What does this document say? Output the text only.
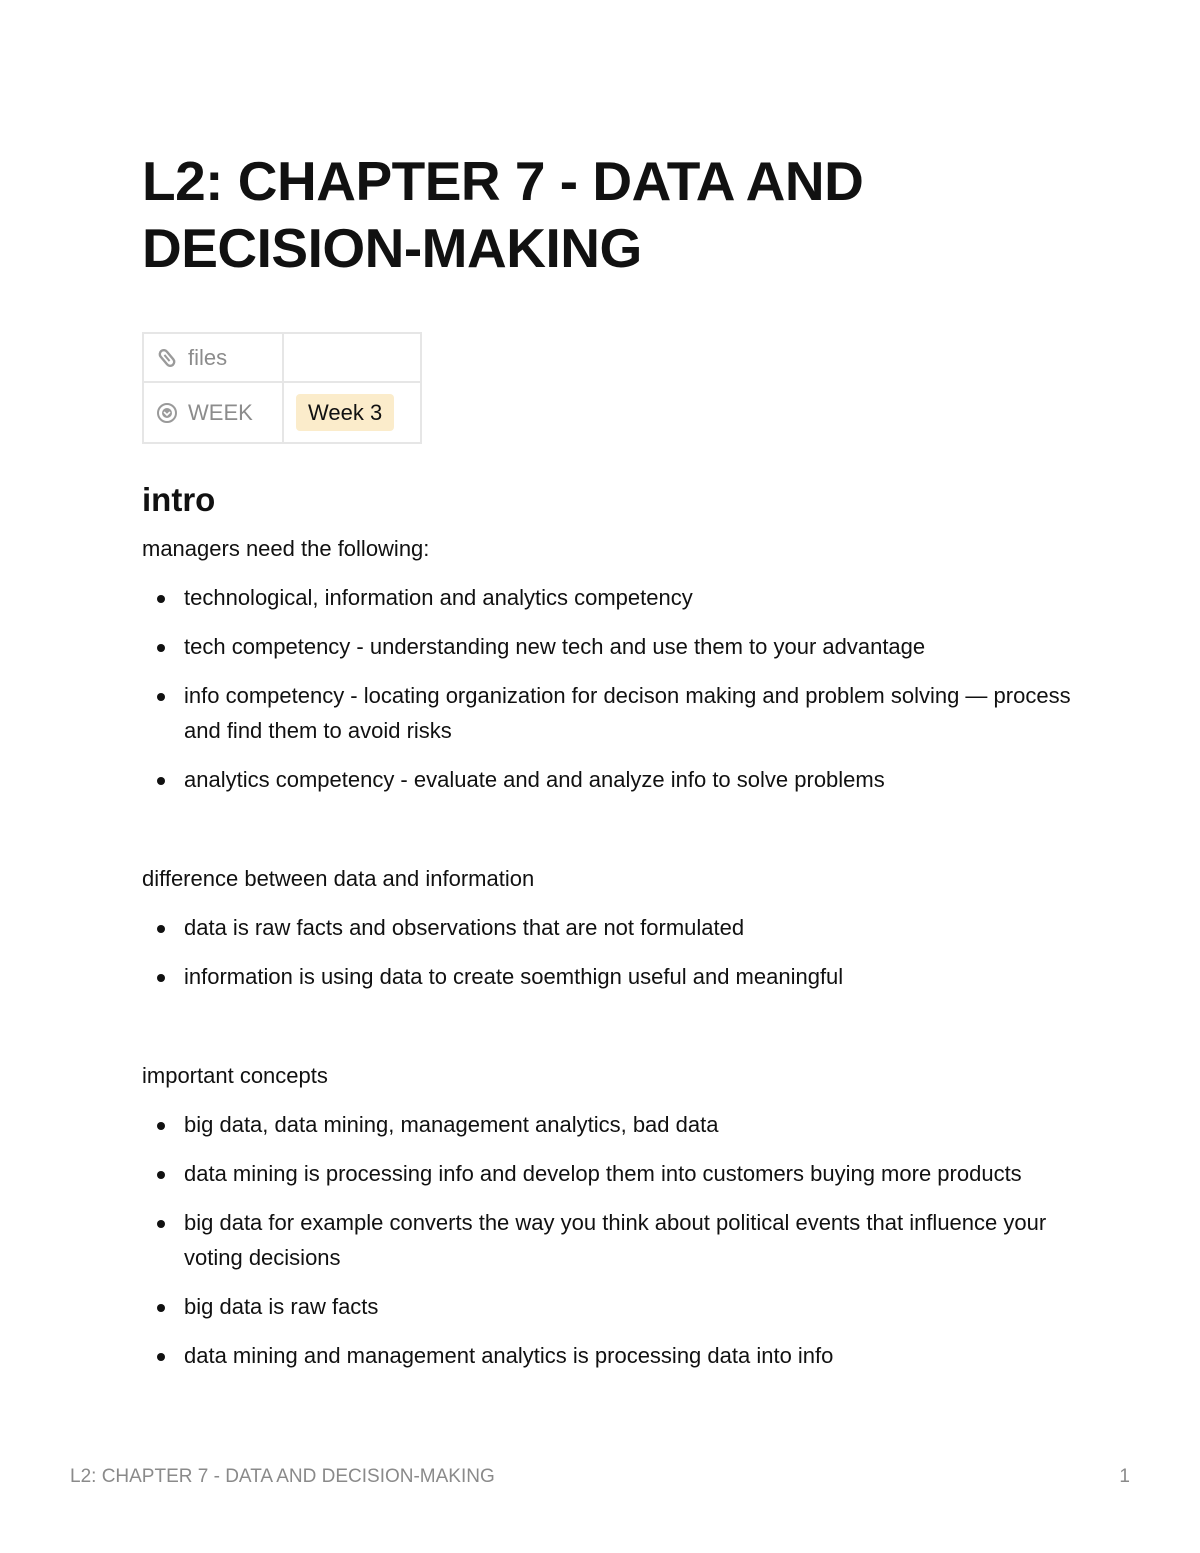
L2: CHAPTER 7 - DATA AND DECISION-MAKING
files	

WEEK	Week 3
intro

managers need the following:

technological, information and analytics competency
tech competency - understanding new tech and use them to your advantage
info competency - locating organization for decison making and problem solving — process and find them to avoid risks
analytics competency - evaluate and and analyze info to solve problems

difference between data and information

data is raw facts and observations that are not formulated
information is using data to create soemthign useful and meaningful

important concepts

big data, data mining, management analytics, bad data
data mining is processing info and develop them into customers buying more products
big data for example converts the way you think about political events that influence your voting decisions
big data is raw facts
data mining and management analytics is processing data into info
L2: CHAPTER 7 - DATA AND DECISION-MAKING	1
